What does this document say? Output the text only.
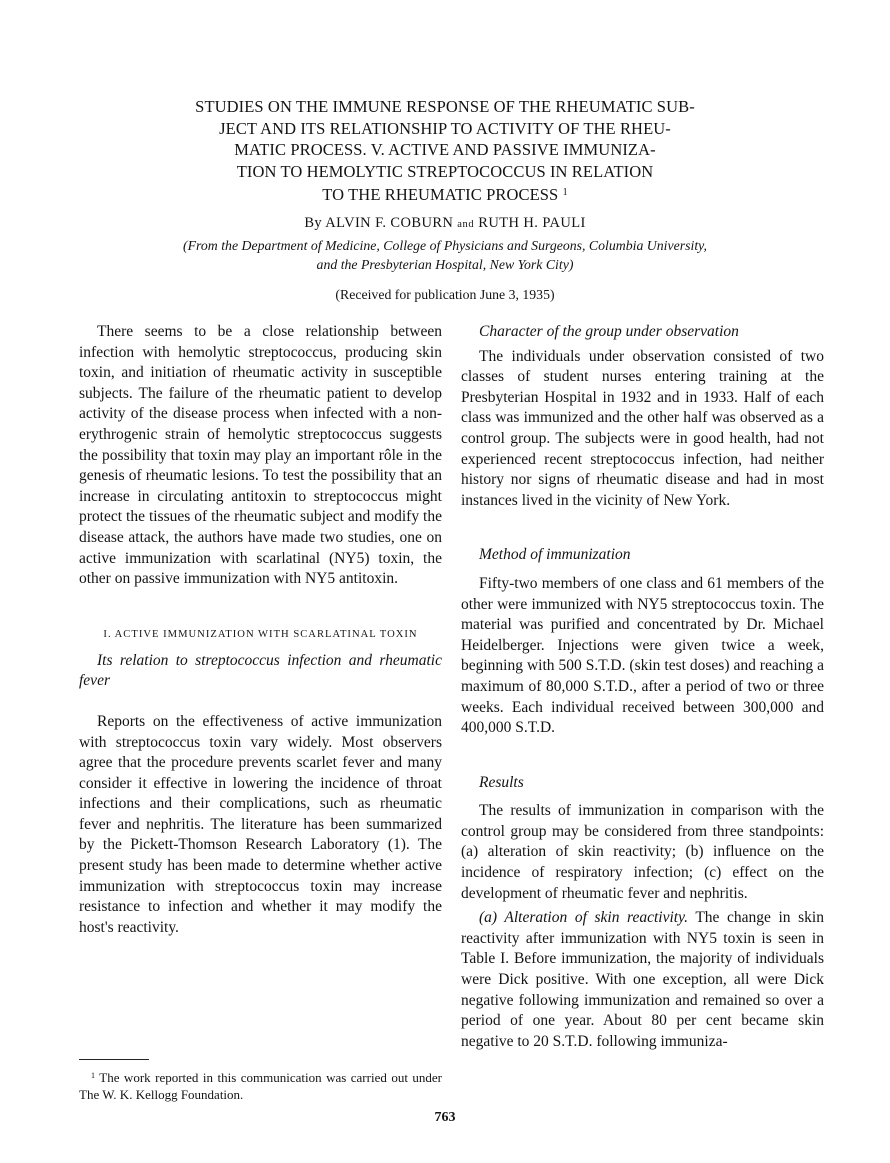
STUDIES ON THE IMMUNE RESPONSE OF THE RHEUMATIC SUB-
JECT AND ITS RELATIONSHIP TO ACTIVITY OF THE RHEU-
MATIC PROCESS. V. ACTIVE AND PASSIVE IMMUNIZA-
TION TO HEMOLYTIC STREPTOCOCCUS IN RELATION
TO THE RHEUMATIC PROCESS $^1$
By ALVIN F. COBURN and RUTH H. PAULI
(From the Department of Medicine, College of Physicians and Surgeons, Columbia University,
and the Presbyterian Hospital, New York City)
(Received for publication June 3, 1935)

There seems to be a close relationship between infection with hemolytic streptococcus, producing skin toxin, and initiation of rheumatic activity in susceptible subjects. The failure of the rheumatic patient to develop activity of the disease process when infected with a non-erythrogenic strain of hemolytic streptococcus suggests the possibility that toxin may play an important rôle in the genesis of rheumatic lesions. To test the possibility that an increase in circulating antitoxin to streptococcus might protect the tissues of the rheumatic subject and modify the disease attack, the authors have made two studies, one on active immunization with scarlatinal (NY5) toxin, the other on passive immunization with NY5 antitoxin.

I. ACTIVE IMMUNIZATION WITH SCARLATINAL TOXIN

Its relation to streptococcus infection and rheumatic fever

Reports on the effectiveness of active immunization with streptococcus toxin vary widely. Most observers agree that the procedure prevents scarlet fever and many consider it effective in lowering the incidence of throat infections and their complications, such as rheumatic fever and nephritis. The literature has been summarized by the Pickett-Thomson Research Laboratory (1). The present study has been made to determine whether active immunization with streptococcus toxin may increase resistance to infection and whether it may modify the host's reactivity.

Character of the group under observation

The individuals under observation consisted of two classes of student nurses entering training at the Presbyterian Hospital in 1932 and in 1933. Half of each class was immunized and the other half was observed as a control group. The subjects were in good health, had not experienced recent streptococcus infection, had neither history nor signs of rheumatic disease and had in most instances lived in the vicinity of New York.

Method of immunization

Fifty-two members of one class and 61 members of the other were immunized with NY5 streptococcus toxin. The material was purified and concentrated by Dr. Michael Heidelberger. Injections were given twice a week, beginning with 500 S.T.D. (skin test doses) and reaching a maximum of 80,000 S.T.D., after a period of two or three weeks. Each individual received between 300,000 and 400,000 S.T.D.

Results

The results of immunization in comparison with the control group may be considered from three standpoints: (a) alteration of skin reactivity; (b) influence on the incidence of respiratory infection; (c) effect on the development of rheumatic fever and nephritis.

(a) Alteration of skin reactivity. The change in skin reactivity after immunization with NY5 toxin is seen in Table I. Before immunization, the majority of individuals were Dick positive. With one exception, all were Dick negative following immunization and remained so over a period of one year. About 80 per cent became skin negative to 20 S.T.D. following immuniza-

$^1$ The work reported in this communication was carried out under The W. K. Kellogg Foundation.
763
